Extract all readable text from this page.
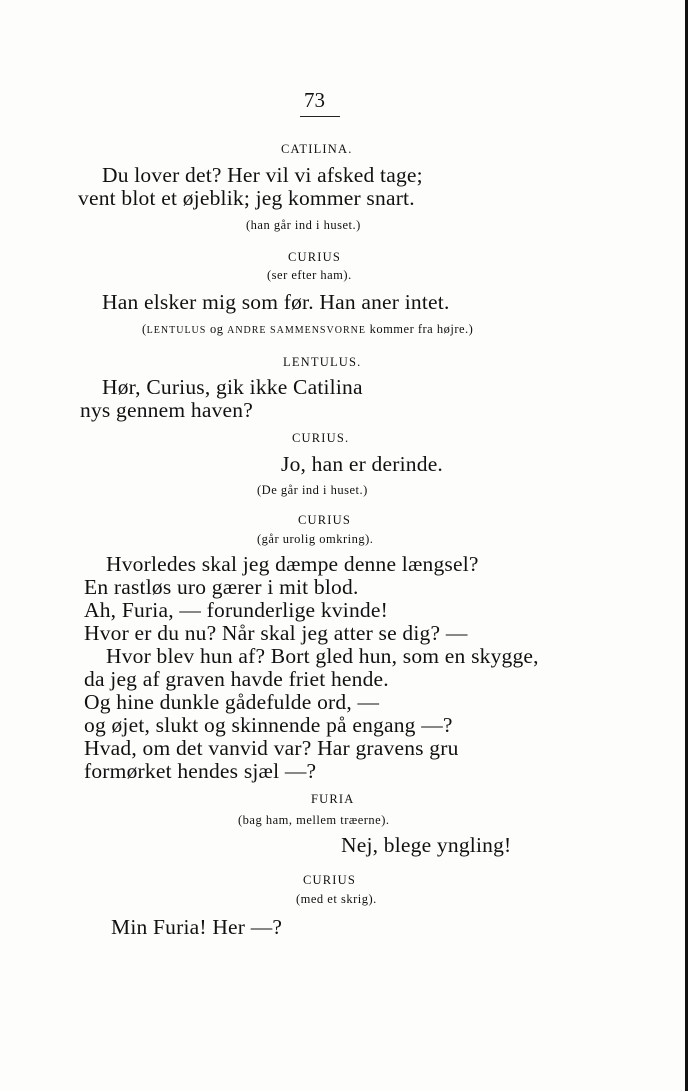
73
CATILINA.
Du lover det? Her vil vi afsked tage;
vent blot et øjeblik; jeg kommer snart.
(han går ind i huset.)
CURIUS
(ser efter ham).
Han elsker mig som før. Han aner intet.
(LENTULUS og ANDRE SAMMENSVORNE kommer fra højre.)
LENTULUS.
Hør, Curius, gik ikke Catilina
nys gennem haven?
CURIUS.
Jo, han er derinde.
(De går ind i huset.)
CURIUS
(går urolig omkring).
Hvorledes skal jeg dæmpe denne længsel?
En rastløs uro gærer i mit blod.
Ah, Furia, — forunderlige kvinde!
Hvor er du nu? Når skal jeg atter se dig? —
Hvor blev hun af? Bort gled hun, som en skygge,
da jeg af graven havde friet hende.
Og hine dunkle gådefulde ord, —
og øjet, slukt og skinnende på engang —?
Hvad, om det vanvid var? Har gravens gru
formørket hendes sjæl —?
FURIA
(bag ham, mellem træerne).
Nej, blege yngling!
CURIUS
(med et skrig).
Min Furia! Her —?
